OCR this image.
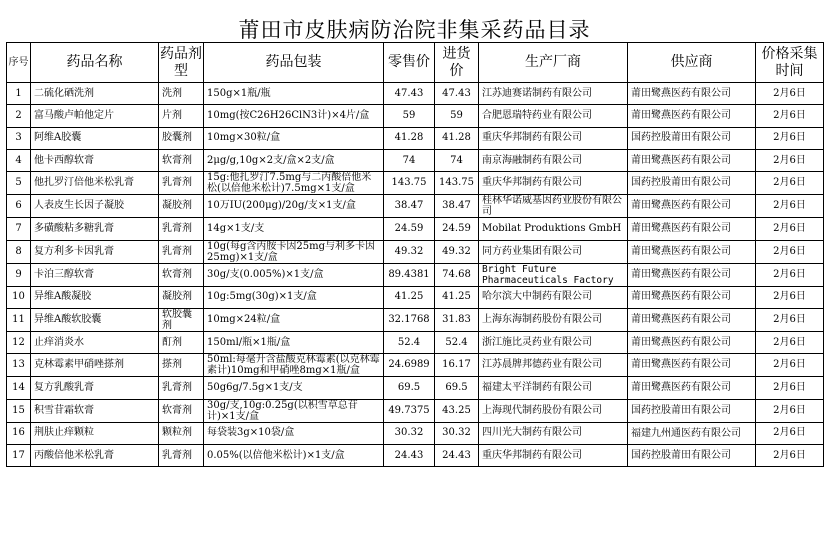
莆田市皮肤病防治院非集采药品目录
序号	药品名称	药品剂型	药品包装	零售价	进货价	生产厂商	供应商	价格采集时间
1	二硫化硒洗剂	洗剂	150g×1瓶/瓶	47.43	47.43	江苏迪赛诺制药有限公司	莆田鹭燕医药有限公司	2月6日
2	富马酸卢帕他定片	片剂	10mg(按C26H26ClN3计)×4片/盒	59	59	合肥恩瑞特药业有限公司	莆田鹭燕医药有限公司	2月6日
3	阿维A胶囊	胶囊剂	10mg×30粒/盒	41.28	41.28	重庆华邦制药有限公司	国药控股莆田有限公司	2月6日
4	他卡西醇软膏	软膏剂	2μg/g,10g×2支/盒×2支/盒	74	74	南京海融制药有限公司	莆田鹭燕医药有限公司	2月6日
5	他扎罗汀倍他米松乳膏	乳膏剂	15g:他扎罗汀7.5mg与二丙酸倍他米松(以倍他米松计)7.5mg×1支/盒	143.75	143.75	重庆华邦制药有限公司	国药控股莆田有限公司	2月6日
6	人表皮生长因子凝胶	凝胶剂	10万IU(200μg)/20g/支×1支/盒	38.47	38.47	桂林华诺威基因药业股份有限公司	莆田鹭燕医药有限公司	2月6日
7	多磺酸粘多糖乳膏	乳膏剂	14g×1支/支	24.59	24.59	Mobilat Produktions GmbH	莆田鹭燕医药有限公司	2月6日
8	复方利多卡因乳膏	乳膏剂	10g(每g含丙胺卡因25mg与利多卡因25mg)×1支/盒	49.32	49.32	同方药业集团有限公司	莆田鹭燕医药有限公司	2月6日
9	卡泊三醇软膏	软膏剂	30g/支(0.005%)×1支/盒	89.4381	74.68	Bright Future Pharmaceuticals Factory	莆田鹭燕医药有限公司	2月6日
10	异维A酸凝胶	凝胶剂	10g:5mg(30g)×1支/盒	41.25	41.25	哈尔滨大中制药有限公司	莆田鹭燕医药有限公司	2月6日
11	异维A酸软胶囊	软胶囊剂	10mg×24粒/盒	32.1768	31.83	上海东海制药股份有限公司	莆田鹭燕医药有限公司	2月6日
12	止痒消炎水	酊剂	150ml/瓶×1瓶/盒	52.4	52.4	浙江施比灵药业有限公司	莆田鹭燕医药有限公司	2月6日
13	克林霉素甲硝唑搽剂	搽剂	50ml:每毫升含盐酸克林霉素(以克林霉素计)10mg和甲硝唑8mg×1瓶/盒	24.6989	16.17	江苏晨牌邦德药业有限公司	莆田鹭燕医药有限公司	2月6日
14	复方乳酸乳膏	乳膏剂	50g6g/7.5g×1支/支	69.5	69.5	福建太平洋制药有限公司	莆田鹭燕医药有限公司	2月6日
15	积雪苷霜软膏	软膏剂	30g/支,10g:0.25g(以积雪草总苷计)×1支/盒	49.7375	43.25	上海现代制药股份有限公司	国药控股莆田有限公司	2月6日
16	荆肤止痒颗粒	颗粒剂	每袋装3g×10袋/盒	30.32	30.32	四川光大制药有限公司	福建九州通医药有限公司	2月6日
17	丙酸倍他米松乳膏	乳膏剂	0.05%(以倍他米松计)×1支/盒	24.43	24.43	重庆华邦制药有限公司	国药控股莆田有限公司	2月6日
